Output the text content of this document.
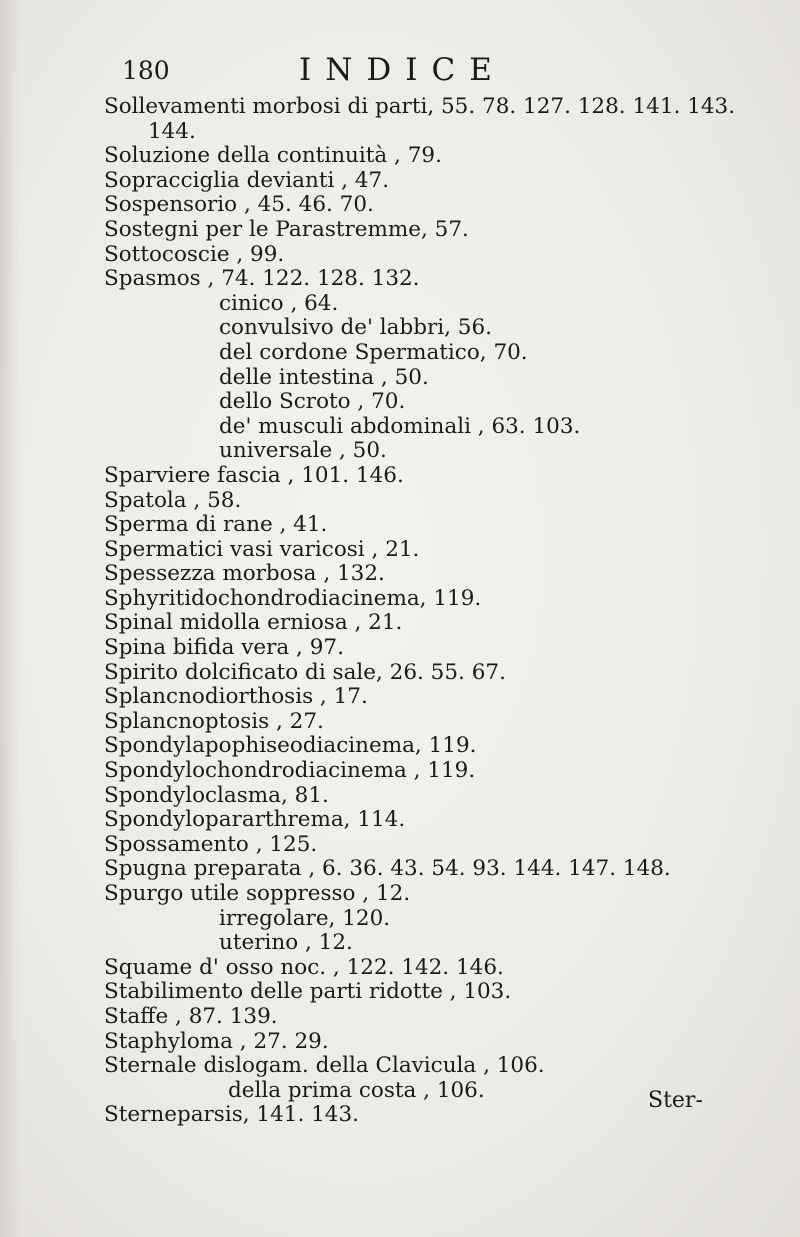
180	INDICE
Sollevamenti morbosi di parti, 55. 78. 127. 128. 141. 143.
144.
Soluzione della continuità , 79.
Sopracciglia devianti , 47.
Sospensorio , 45. 46. 70.
Sostegni per le Parastremme, 57.
Sottocoscie , 99.
Spasmos , 74. 122. 128. 132.
cinico , 64.
convulsivo de' labbri, 56.
del cordone Spermatico, 70.
delle intestina , 50.
dello Scroto , 70.
de' musculi abdominali , 63. 103.
universale , 50.
Sparviere fascia , 101. 146.
Spatola , 58.
Sperma di rane , 41.
Spermatici vasi varicosi , 21.
Spessezza morbosa , 132.
Sphyritidochondrodiacinema, 119.
Spinal midolla erniosa , 21.
Spina bifida vera , 97.
Spirito dolcificato di sale, 26. 55. 67.
Splancnodiorthosis , 17.
Splancnoptosis , 27.
Spondylapophiseodiacinema, 119.
Spondylochondrodiacinema , 119.
Spondyloclasma, 81.
Spondylopararthrema, 114.
Spossamento , 125.
Spugna preparata , 6. 36. 43. 54. 93. 144. 147. 148.
Spurgo utile soppresso , 12.
irregolare, 120.
uterino , 12.
Squame d' osso noc. , 122. 142. 146.
Stabilimento delle parti ridotte , 103.
Staffe , 87. 139.
Staphyloma , 27. 29.
Sternale dislogam. della Clavicula , 106.
della prima costa , 106.
Sterneparsis, 141. 143.
Ster-
